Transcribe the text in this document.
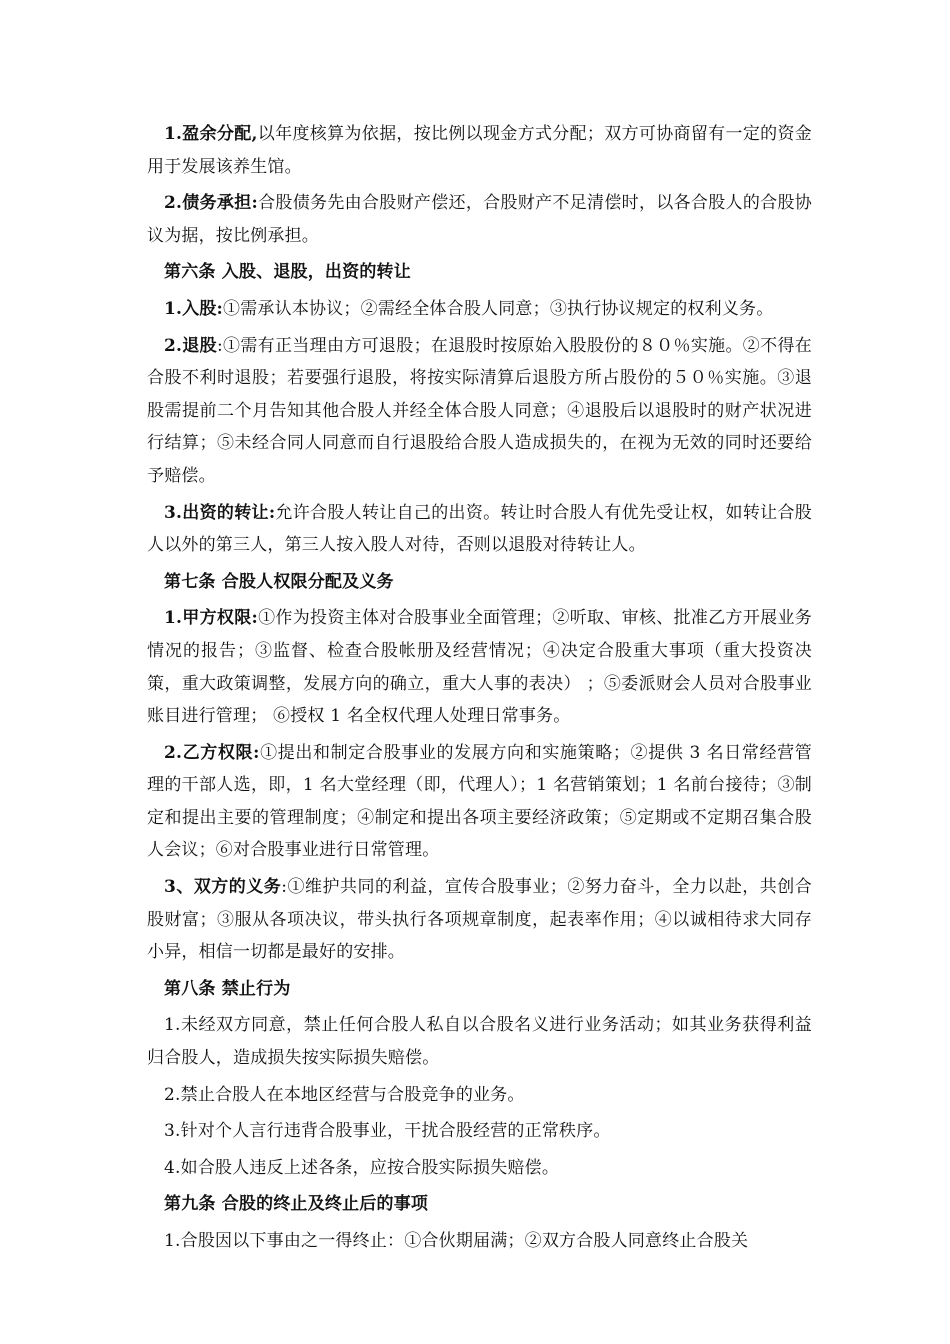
1.盈余分配,以年度核算为依据，按比例以现金方式分配；双方可协商留有一定的资金用于发展该养生馆。

2.债务承担:合股债务先由合股财产偿还，合股财产不足清偿时，以各合股人的合股协议为据，按比例承担。

第六条 入股、退股，出资的转让

1.入股:①需承认本协议；②需经全体合股人同意；③执行协议规定的权利义务。

2.退股:①需有正当理由方可退股；在退股时按原始入股股份的８０％实施。②不得在合股不利时退股；若要强行退股，将按实际清算后退股方所占股份的５０％实施。③退股需提前二个月告知其他合股人并经全体合股人同意；④退股后以退股时的财产状况进行结算；⑤未经合同人同意而自行退股给合股人造成损失的，在视为无效的同时还要给予赔偿。

3.出资的转让:允许合股人转让自己的出资。转让时合股人有优先受让权，如转让合股人以外的第三人，第三人按入股人对待，否则以退股对待转让人。

第七条 合股人权限分配及义务

1.甲方权限:①作为投资主体对合股事业全面管理；②听取、审核、批准乙方开展业务情况的报告；③监督、检查合股帐册及经营情况；④决定合股重大事项（重大投资决策，重大政策调整，发展方向的确立，重大人事的表决） ；⑤委派财会人员对合股事业账目进行管理； ⑥授权 1 名全权代理人处理日常事务。

2.乙方权限:①提出和制定合股事业的发展方向和实施策略；②提供 3 名日常经营管理的干部人选，即，1 名大堂经理（即，代理人）；1 名营销策划；1 名前台接待；③制定和提出主要的管理制度；④制定和提出各项主要经济政策；⑤定期或不定期召集合股人会议；⑥对合股事业进行日常管理。

3、双方的义务:①维护共同的利益，宣传合股事业；②努力奋斗，全力以赴，共创合股财富；③服从各项决议，带头执行各项规章制度，起表率作用；④以诚相待求大同存小异，相信一切都是最好的安排。

第八条 禁止行为

1.未经双方同意，禁止任何合股人私自以合股名义进行业务活动；如其业务获得利益归合股人，造成损失按实际损失赔偿。

2.禁止合股人在本地区经营与合股竞争的业务。

3.针对个人言行违背合股事业，干扰合股经营的正常秩序。

4.如合股人违反上述各条，应按合股实际损失赔偿。

第九条 合股的终止及终止后的事项

1.合股因以下事由之一得终止：①合伙期届满；②双方合股人同意终止合股关
